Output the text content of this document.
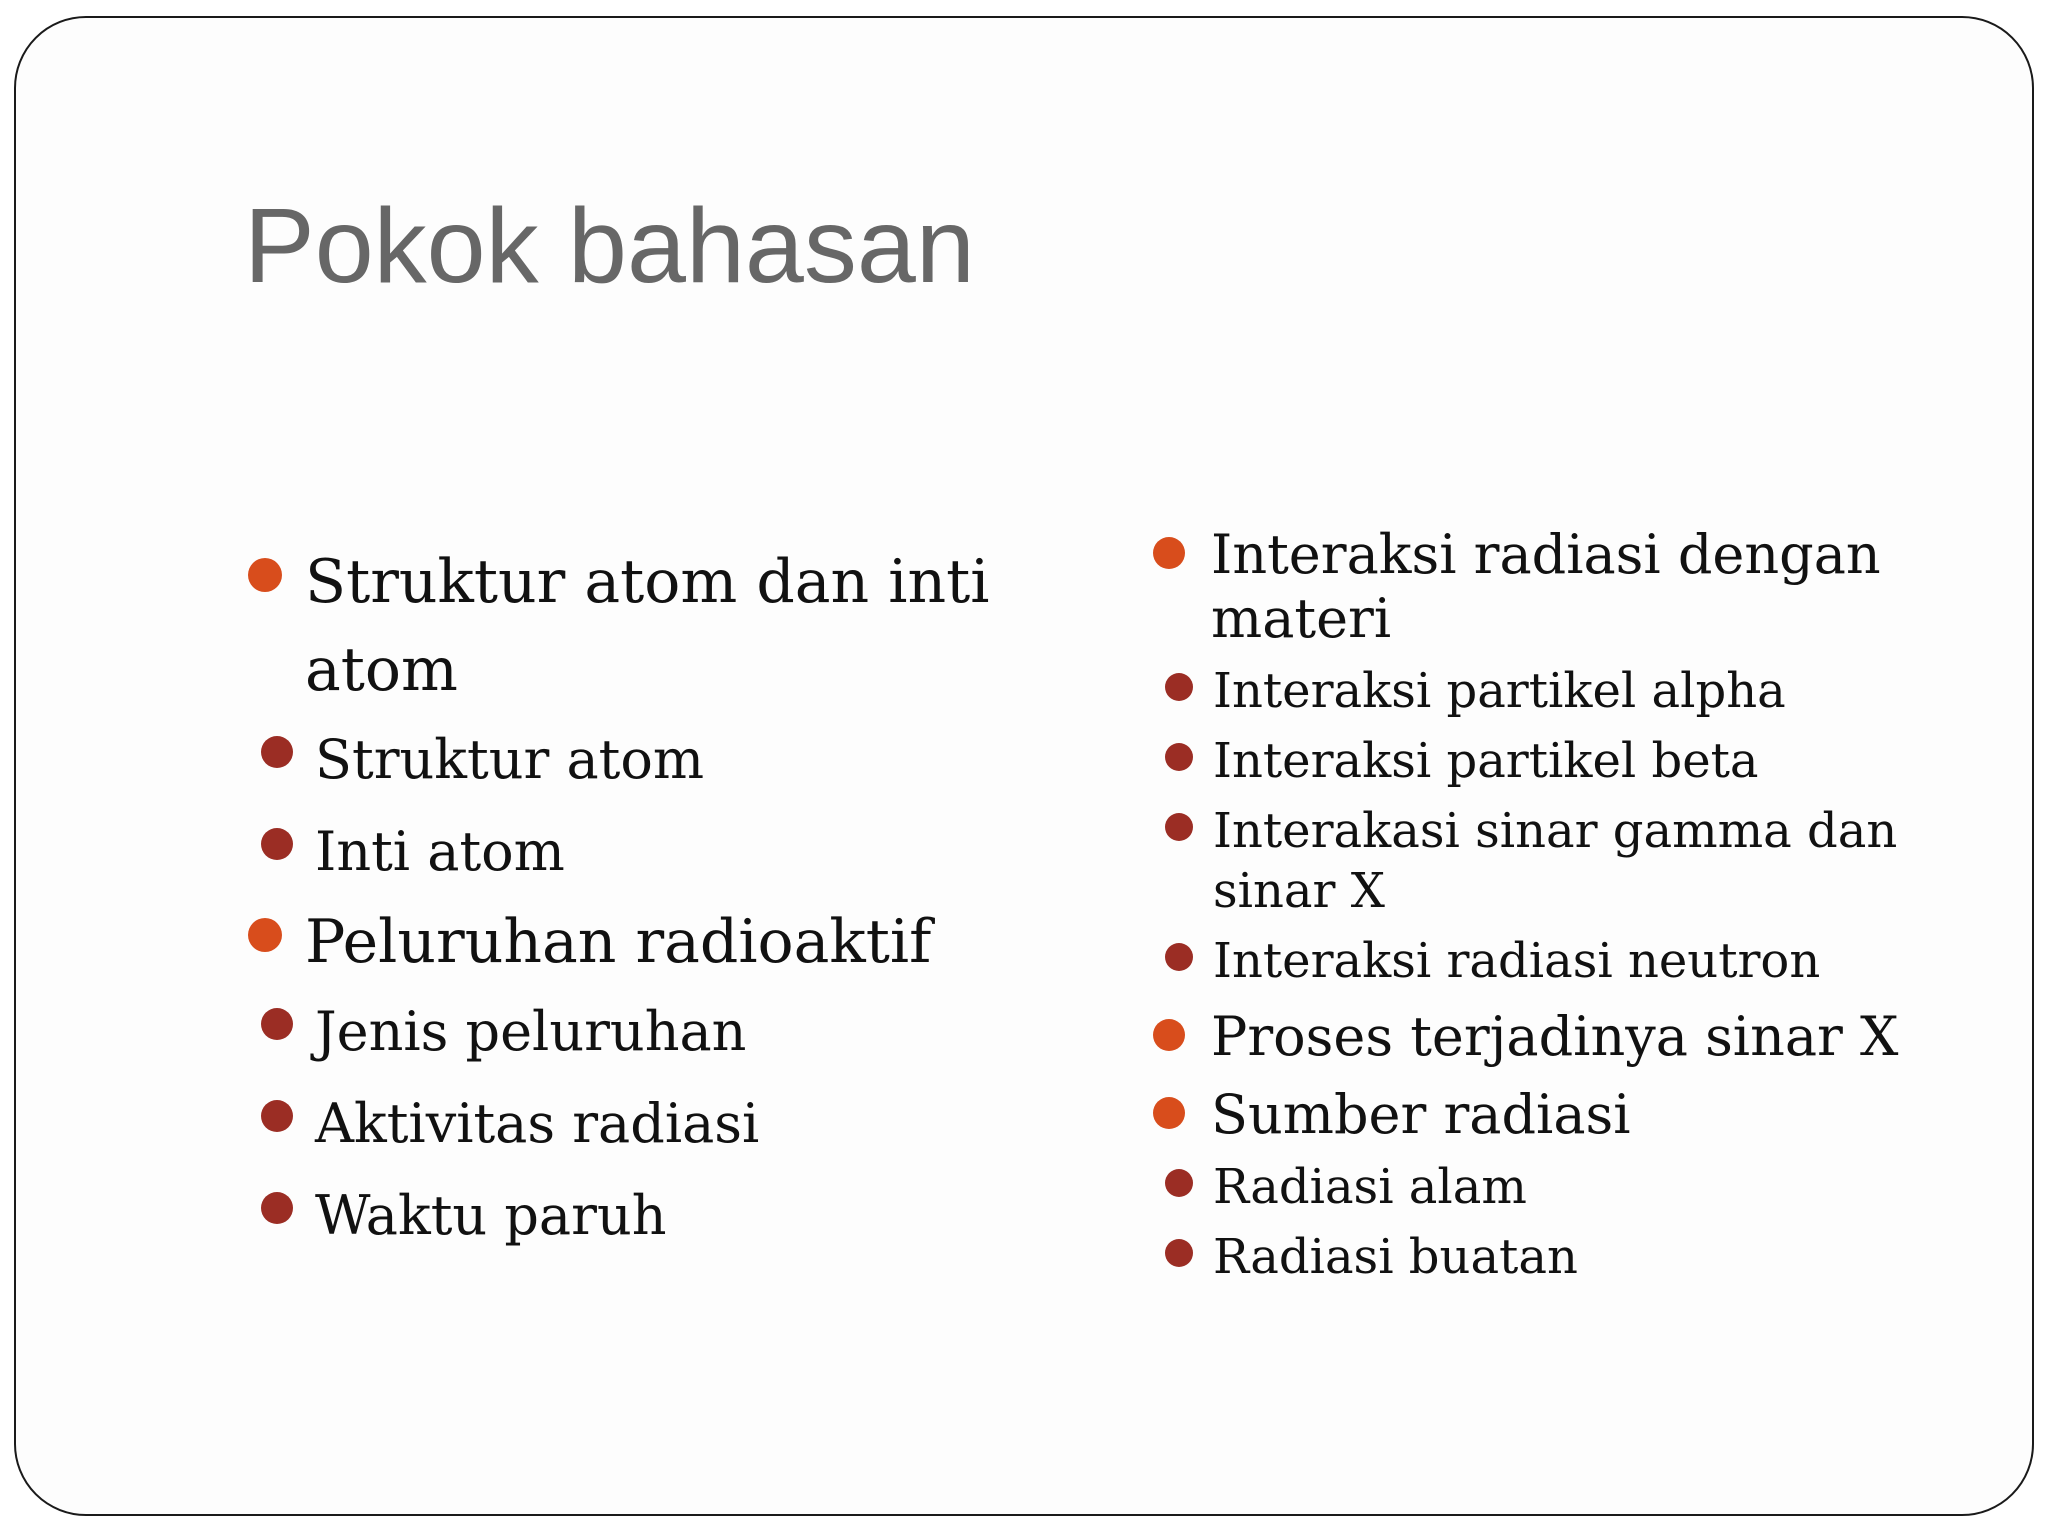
Pokok bahasan
Struktur atom dan inti atom
Struktur atom
Inti atom
Peluruhan radioaktif
Jenis peluruhan
Aktivitas radiasi
Waktu paruh
Interaksi radiasi dengan materi
Interaksi partikel alpha
Interaksi partikel beta
Interakasi sinar gamma dan sinar X
Interaksi radiasi neutron
Proses terjadinya sinar X
Sumber radiasi
Radiasi alam
Radiasi buatan
